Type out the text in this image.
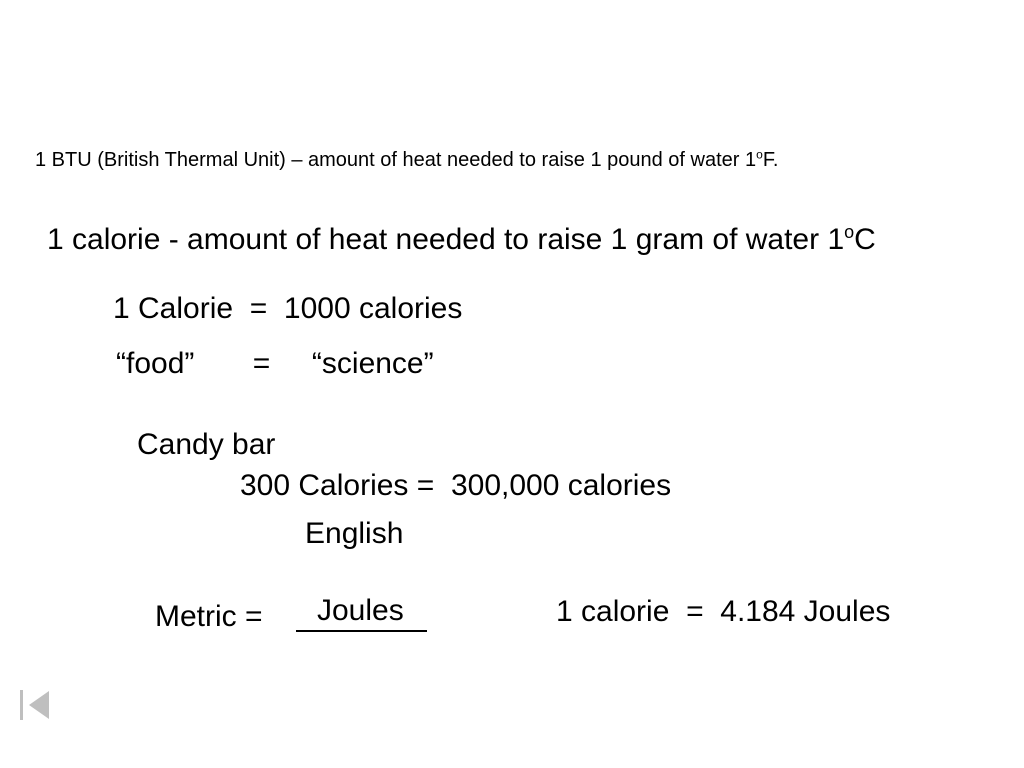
1 BTU (British Thermal Unit) – amount of heat needed to raise 1 pound of water 1$^o$F.
1 calorie - amount of heat needed to raise 1 gram of water 1$^o$C
1 Calorie  =  1000 calories
“food”       =     “science”
Candy bar
300 Calories =  300,000 calories
English
Metric = Joules	1 calorie  =  4.184 Joules
